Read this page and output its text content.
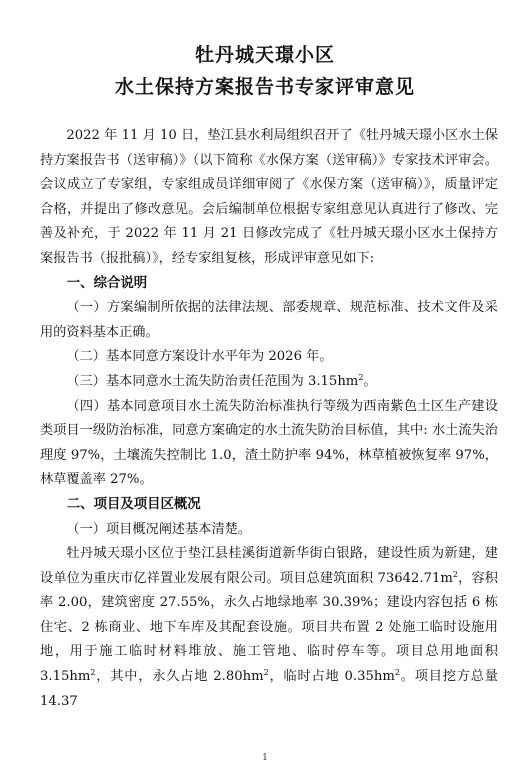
牡丹城天璟小区
水土保持方案报告书专家评审意见

2022 年 11 月 10 日，垫江县水利局组织召开了《牡丹城天璟小区水土保持方案报告书（送审稿）》（以下简称《水保方案（送审稿）》专家技术评审会。会议成立了专家组，专家组成员详细审阅了《水保方案（送审稿）》，质量评定合格，并提出了修改意见。会后编制单位根据专家组意见认真进行了修改、完善及补充，于 2022 年 11 月 21 日修改完成了《牡丹城天璟小区水土保持方案报告书（报批稿）》，经专家组复核，形成评审意见如下:

一、综合说明

（一）方案编制所依据的法律法规、部委规章、规范标准、技术文件及采用的资料基本正确。

（二）基本同意方案设计水平年为 2026 年。

（三）基本同意水土流失防治责任范围为 $3.15hm^2$。

（四）基本同意项目水土流失防治标准执行等级为西南紫色土区生产建设类项目一级防治标准，同意方案确定的水土流失防治目标值，其中: 水土流失治理度 97%，土壤流失控制比 1.0，渣土防护率 94%，林草植被恢复率 97%，林草覆盖率 27%。

二、项目及项目区概况

（一）项目概况阐述基本清楚。

牡丹城天璟小区位于垫江县桂溪街道新华街白银路，建设性质为新建，建设单位为重庆市亿祥置业发展有限公司。项目总建筑面积 $73642.71m^2$，容积率 2.00，建筑密度 27.55%，永久占地绿地率 30.39%；建设内容包括 6 栋住宅、2 栋商业、地下车库及其配套设施。项目共布置 2 处施工临时设施用地，用于施工临时材料堆放、施工管地、临时停车等。项目总用地面积 $3.15hm^2$，其中，永久占地 $2.80hm^2$，临时占地 $0.35hm^2$。项目挖方总量 14.37

1
